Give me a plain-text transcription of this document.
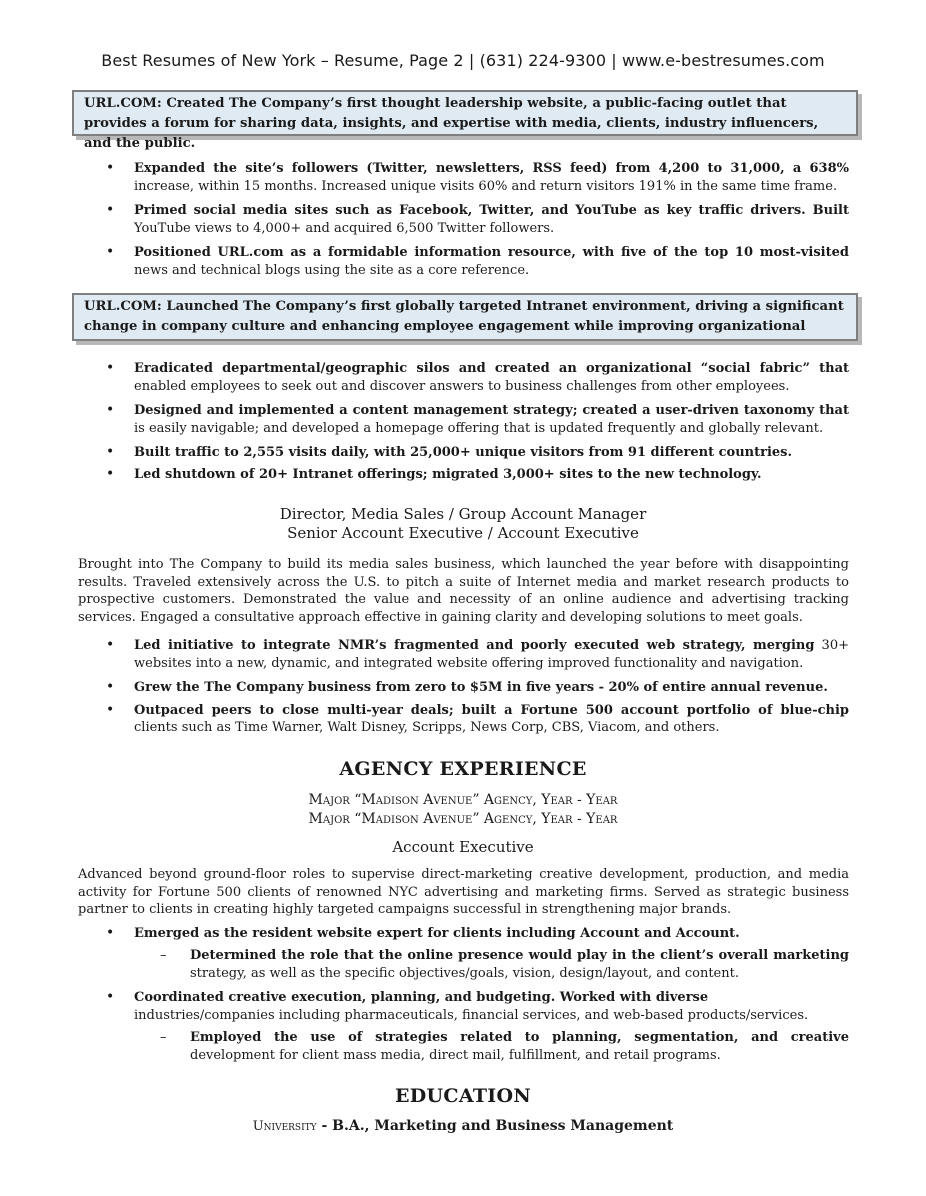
Best Resumes of New York – Resume, Page 2 | (631) 224-9300 | www.e-bestresumes.com
URL.COM: Created The Company’s first thought leadership website, a public-facing outlet that provides a forum for sharing data, insights, and expertise with media, clients, industry influencers, and the public.
• Expanded the site’s followers (Twitter, newsletters, RSS feed) from 4,200 to 31,000, a 638% increase, within 15 months. Increased unique visits 60% and return visitors 191% in the same time frame.
• Primed social media sites such as Facebook, Twitter, and YouTube as key traffic drivers. Built YouTube views to 4,000+ and acquired 6,500 Twitter followers.
• Positioned URL.com as a formidable information resource, with five of the top 10 most-visited news and technical blogs using the site as a core reference.
URL.COM: Launched The Company’s first globally targeted Intranet environment, driving a significant change in company culture and enhancing employee engagement while improving organizational
• Eradicated departmental/geographic silos and created an organizational “social fabric” that enabled employees to seek out and discover answers to business challenges from other employees.
• Designed and implemented a content management strategy; created a user-driven taxonomy that is easily navigable; and developed a homepage offering that is updated frequently and globally relevant.
• Built traffic to 2,555 visits daily, with 25,000+ unique visitors from 91 different countries.
• Led shutdown of 20+ Intranet offerings; migrated 3,000+ sites to the new technology.
Director, Media Sales / Group Account Manager
Senior Account Executive / Account Executive

Brought into The Company to build its media sales business, which launched the year before with disappointing results. Traveled extensively across the U.S. to pitch a suite of Internet media and market research products to prospective customers. Demonstrated the value and necessity of an online audience and advertising tracking services. Engaged a consultative approach effective in gaining clarity and developing solutions to meet goals.

• Led initiative to integrate NMR’s fragmented and poorly executed web strategy, merging 30+ websites into a new, dynamic, and integrated website offering improved functionality and navigation.
• Grew the The Company business from zero to $5M in five years - 20% of entire annual revenue.
• Outpaced peers to close multi-year deals; built a Fortune 500 account portfolio of blue-chip clients such as Time Warner, Walt Disney, Scripps, News Corp, CBS, Viacom, and others.
AGENCY EXPERIENCE
Major “Madison Avenue” Agency, Year - Year
Major “Madison Avenue” Agency, Year - Year
Account Executive

Advanced beyond ground-floor roles to supervise direct-marketing creative development, production, and media activity for Fortune 500 clients of renowned NYC advertising and marketing firms. Served as strategic business partner to clients in creating highly targeted campaigns successful in strengthening major brands.

• Emerged as the resident website expert for clients including Account and Account.
–	Determined the role that the online presence would play in the client’s overall marketing strategy, as well as the specific objectives/goals, vision, design/layout, and content.
• Coordinated creative execution, planning, and budgeting. Worked with diverse
industries/companies including pharmaceuticals, financial services, and web-based products/services.
–	Employed the use of strategies related to planning, segmentation, and creative development for client mass media, direct mail, fulfillment, and retail programs.
EDUCATION
University - B.A., Marketing and Business Management
